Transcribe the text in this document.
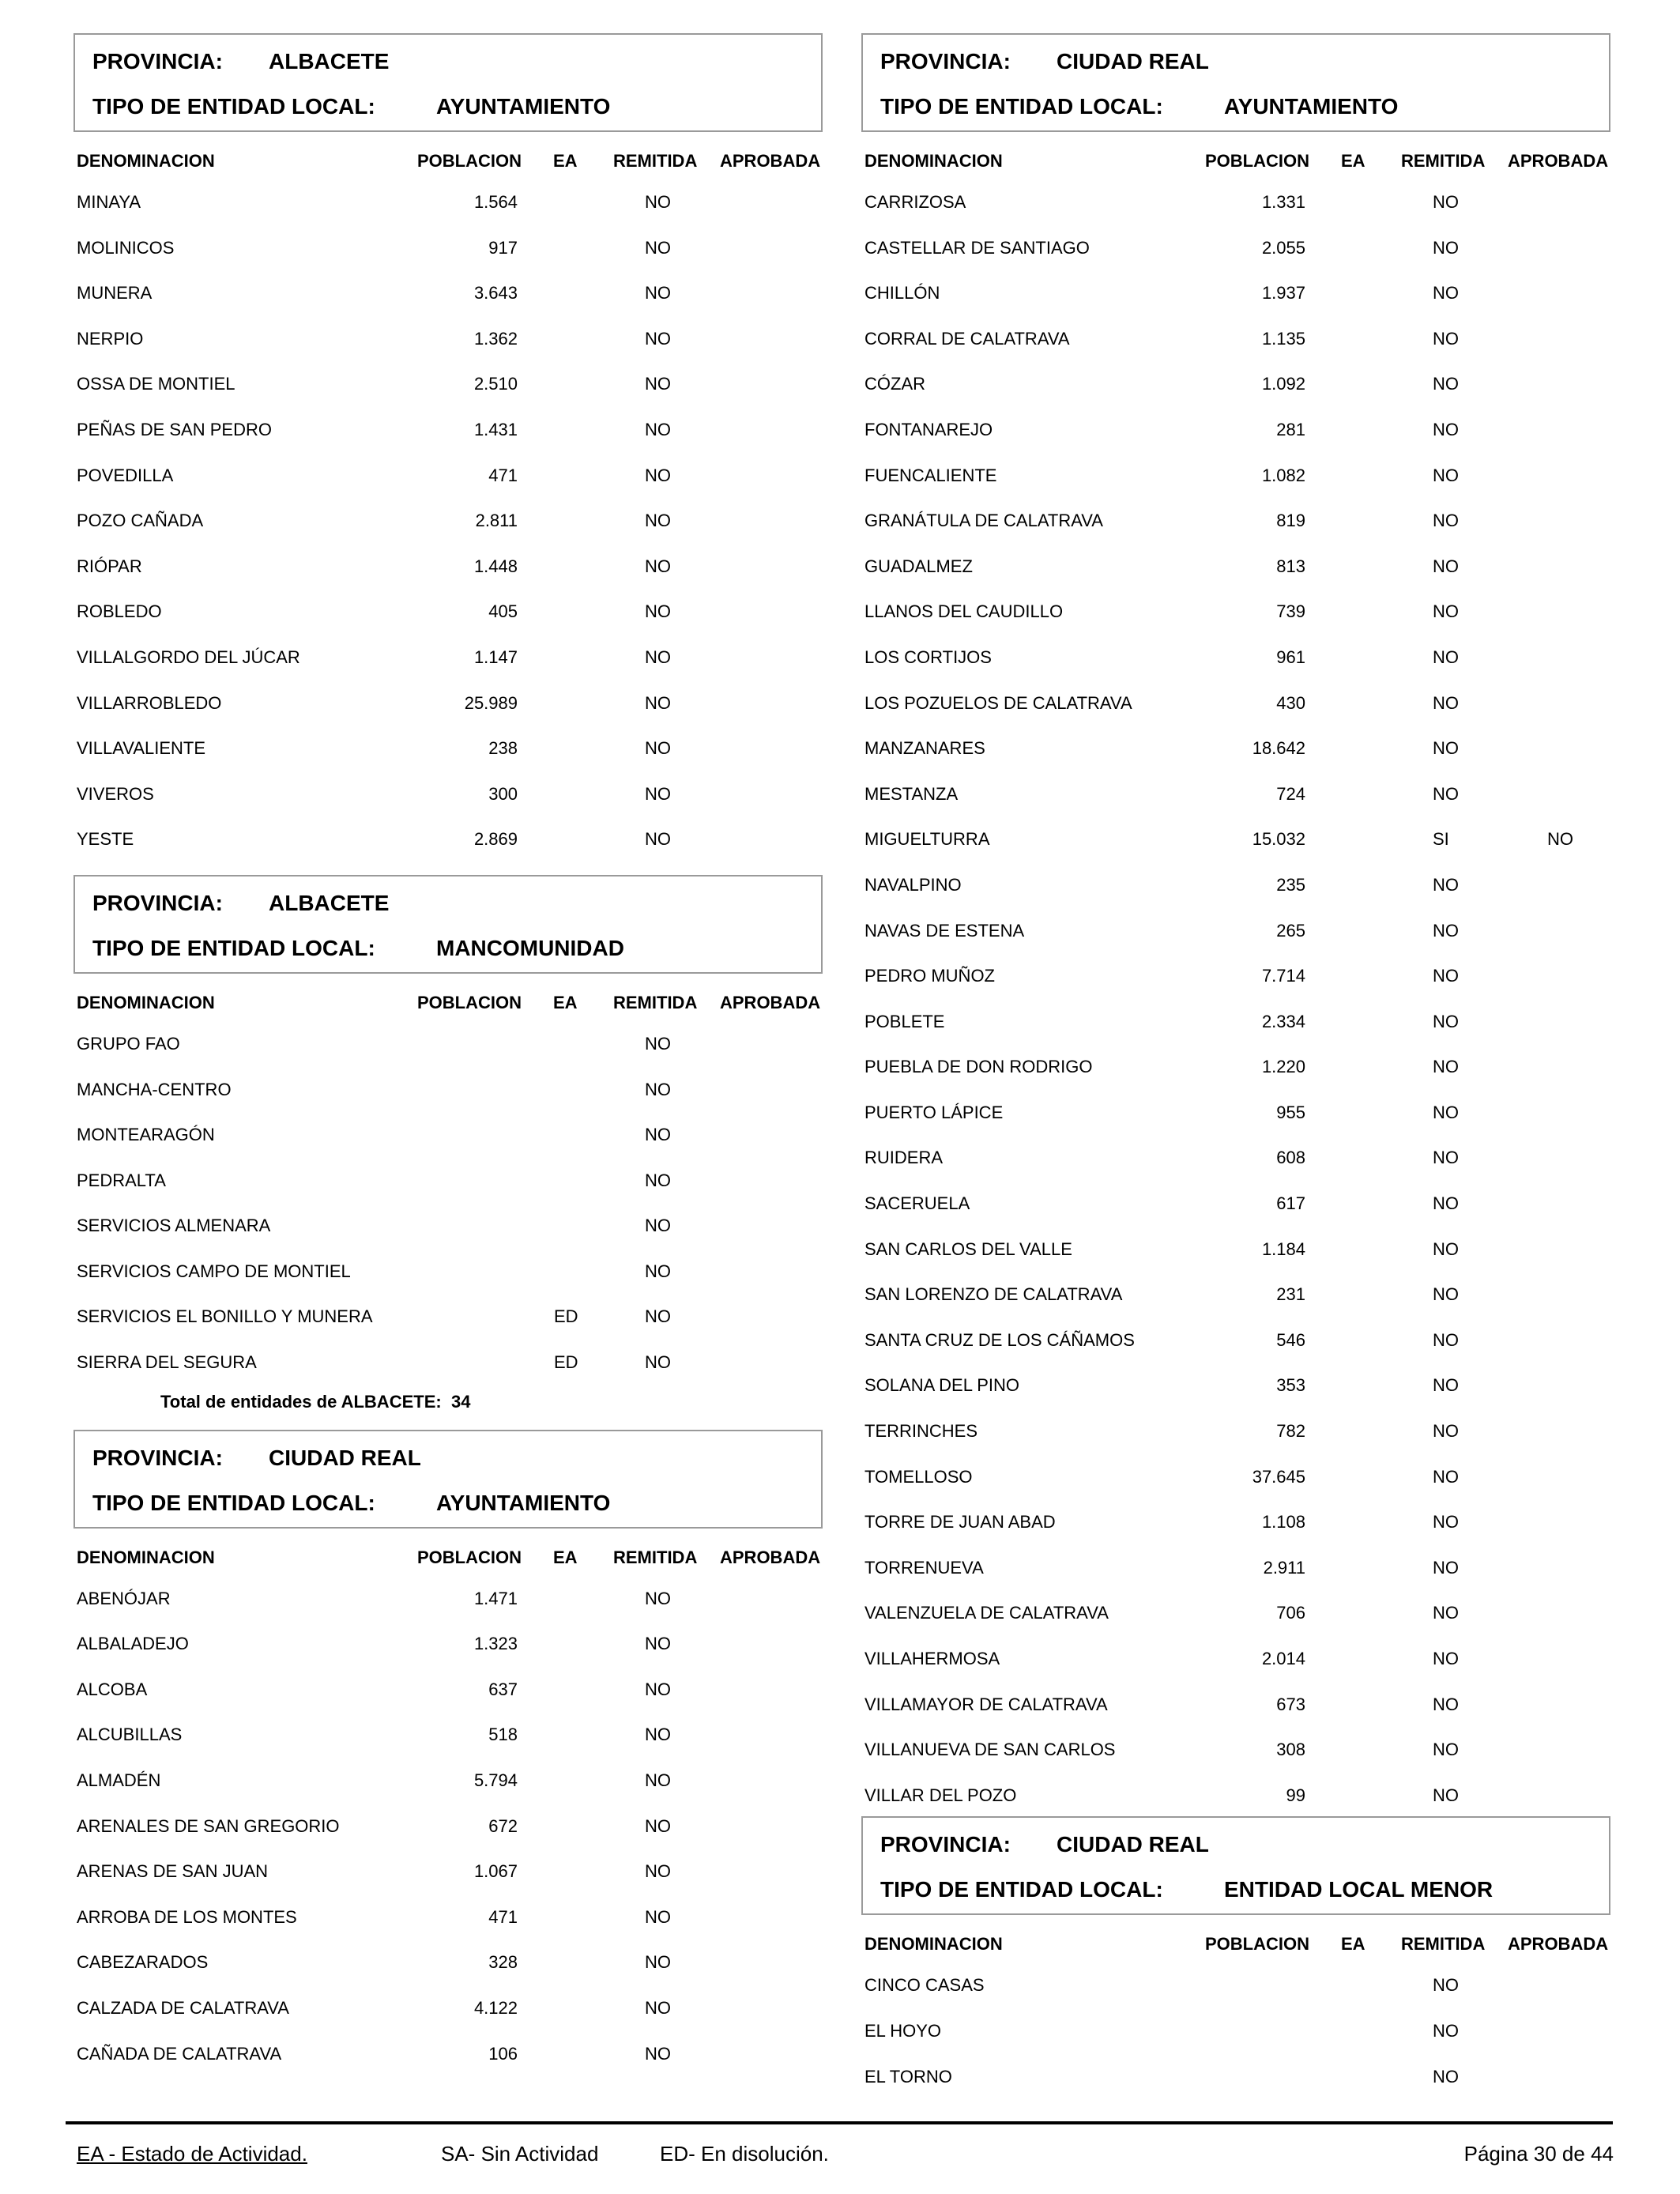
PROVINCIA: ALBACETE
TIPO DE ENTIDAD LOCAL:	AYUNTAMIENTO
DENOMINACION	POBLACION EA REMITIDA APROBADA
MINAYA	1.564	NO
MOLINICOS	917	NO
MUNERA	3.643	NO
NERPIO	1.362	NO
OSSA DE MONTIEL	2.510	NO
PEÑAS DE SAN PEDRO	1.431	NO
POVEDILLA	471	NO
POZO CAÑADA	2.811	NO
RIÓPAR	1.448	NO
ROBLEDO	405	NO
VILLALGORDO DEL JÚCAR	1.147	NO
VILLARROBLEDO	25.989	NO
VILLAVALIENTE	238	NO
VIVEROS	300	NO
YESTE	2.869	NO
PROVINCIA: ALBACETE
TIPO DE ENTIDAD LOCAL:	MANCOMUNIDAD
DENOMINACION	POBLACION EA REMITIDA APROBADA
GRUPO FAO	NO
MANCHA-CENTRO	NO
MONTEARAGÓN	NO
PEDRALTA	NO
SERVICIOS ALMENARA	NO
SERVICIOS CAMPO DE MONTIEL	NO
SERVICIOS EL BONILLO Y MUNERA	ED	NO
SIERRA DEL SEGURA	ED	NO
Total de entidades de ALBACETE: 34
PROVINCIA: CIUDAD REAL
TIPO DE ENTIDAD LOCAL:	AYUNTAMIENTO
DENOMINACION	POBLACION EA REMITIDA APROBADA
ABENÓJAR	1.471	NO
ALBALADEJO	1.323	NO
ALCOBA	637	NO
ALCUBILLAS	518	NO
ALMADÉN	5.794	NO
ARENALES DE SAN GREGORIO	672	NO
ARENAS DE SAN JUAN	1.067	NO
ARROBA DE LOS MONTES	471	NO
CABEZARADOS	328	NO
CALZADA DE CALATRAVA	4.122	NO
CAÑADA DE CALATRAVA	106	NO
PROVINCIA: CIUDAD REAL
TIPO DE ENTIDAD LOCAL:	AYUNTAMIENTO
DENOMINACION	POBLACION EA REMITIDA APROBADA
CARRIZOSA	1.331	NO
CASTELLAR DE SANTIAGO	2.055	NO
CHILLÓN	1.937	NO
CORRAL DE CALATRAVA	1.135	NO
CÓZAR	1.092	NO
FONTANAREJO	281	NO
FUENCALIENTE	1.082	NO
GRANÁTULA DE CALATRAVA	819	NO
GUADALMEZ	813	NO
LLANOS DEL CAUDILLO	739	NO
LOS CORTIJOS	961	NO
LOS POZUELOS DE CALATRAVA	430	NO
MANZANARES	18.642	NO
MESTANZA	724	NO
MIGUELTURRA	15.032	SI	NO
NAVALPINO	235	NO
NAVAS DE ESTENA	265	NO
PEDRO MUÑOZ	7.714	NO
POBLETE	2.334	NO
PUEBLA DE DON RODRIGO	1.220	NO
PUERTO LÁPICE	955	NO
RUIDERA	608	NO
SACERUELA	617	NO
SAN CARLOS DEL VALLE	1.184	NO
SAN LORENZO DE CALATRAVA	231	NO
SANTA CRUZ DE LOS CÁÑAMOS	546	NO
SOLANA DEL PINO	353	NO
TERRINCHES	782	NO
TOMELLOSO	37.645	NO
TORRE DE JUAN ABAD	1.108	NO
TORRENUEVA	2.911	NO
VALENZUELA DE CALATRAVA	706	NO
VILLAHERMOSA	2.014	NO
VILLAMAYOR DE CALATRAVA	673	NO
VILLANUEVA DE SAN CARLOS	308	NO
VILLAR DEL POZO	99	NO
PROVINCIA: CIUDAD REAL
TIPO DE ENTIDAD LOCAL:	ENTIDAD LOCAL MENOR
DENOMINACION	POBLACION EA REMITIDA APROBADA
CINCO CASAS	NO
EL HOYO	NO
EL TORNO	NO
EA - Estado de Actividad.	SA- Sin Actividad	ED- En disolución.	Página 30 de 44
